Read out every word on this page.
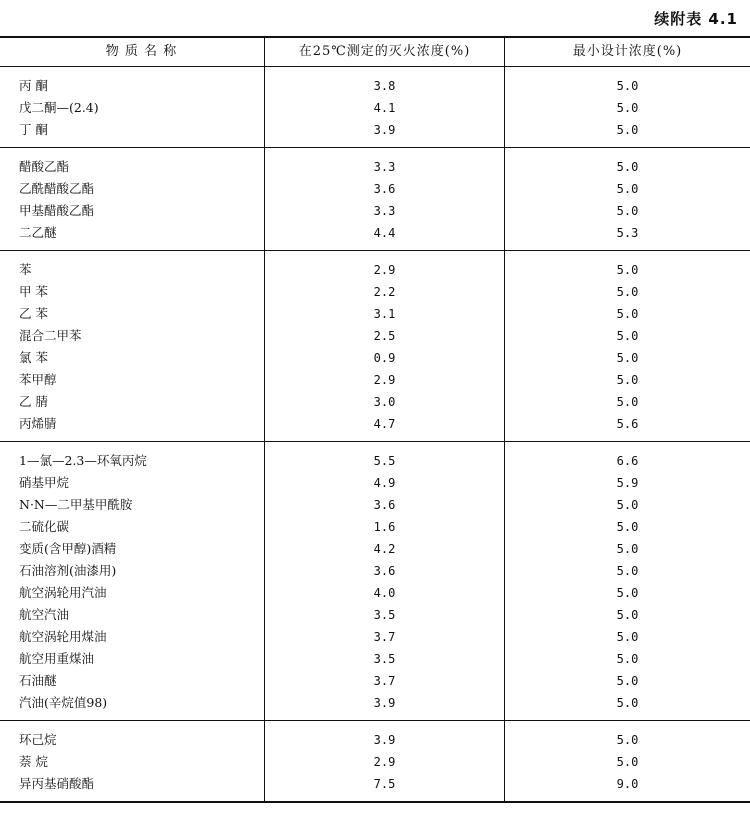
续附表 4.1
物 质 名 称	在25℃测定的灭火浓度(%)	最小设计浓度(%)
丙 酮	3.8	5.0
戊二酮—(2.4)	4.1	5.0
丁 酮	3.9	5.0
醋酸乙酯	3.3	5.0
乙酰醋酸乙酯	3.6	5.0
甲基醋酸乙酯	3.3	5.0
二乙醚	4.4	5.3
苯	2.9	5.0
甲 苯	2.2	5.0
乙 苯	3.1	5.0
混合二甲苯	2.5	5.0
氯 苯	0.9	5.0
苯甲醇	2.9	5.0
乙 腈	3.0	5.0
丙烯腈	4.7	5.6
1—氯—2.3—环氧丙烷	5.5	6.6
硝基甲烷	4.9	5.9
N·N—二甲基甲酰胺	3.6	5.0
二硫化碳	1.6	5.0
变质(含甲醇)酒精	4.2	5.0
石油溶剂(油漆用)	3.6	5.0
航空涡轮用汽油	4.0	5.0
航空汽油	3.5	5.0
航空涡轮用煤油	3.7	5.0
航空用重煤油	3.5	5.0
石油醚	3.7	5.0
汽油(辛烷值98)	3.9	5.0
环己烷	3.9	5.0
萘 烷	2.9	5.0
异丙基硝酸酯	7.5	9.0
